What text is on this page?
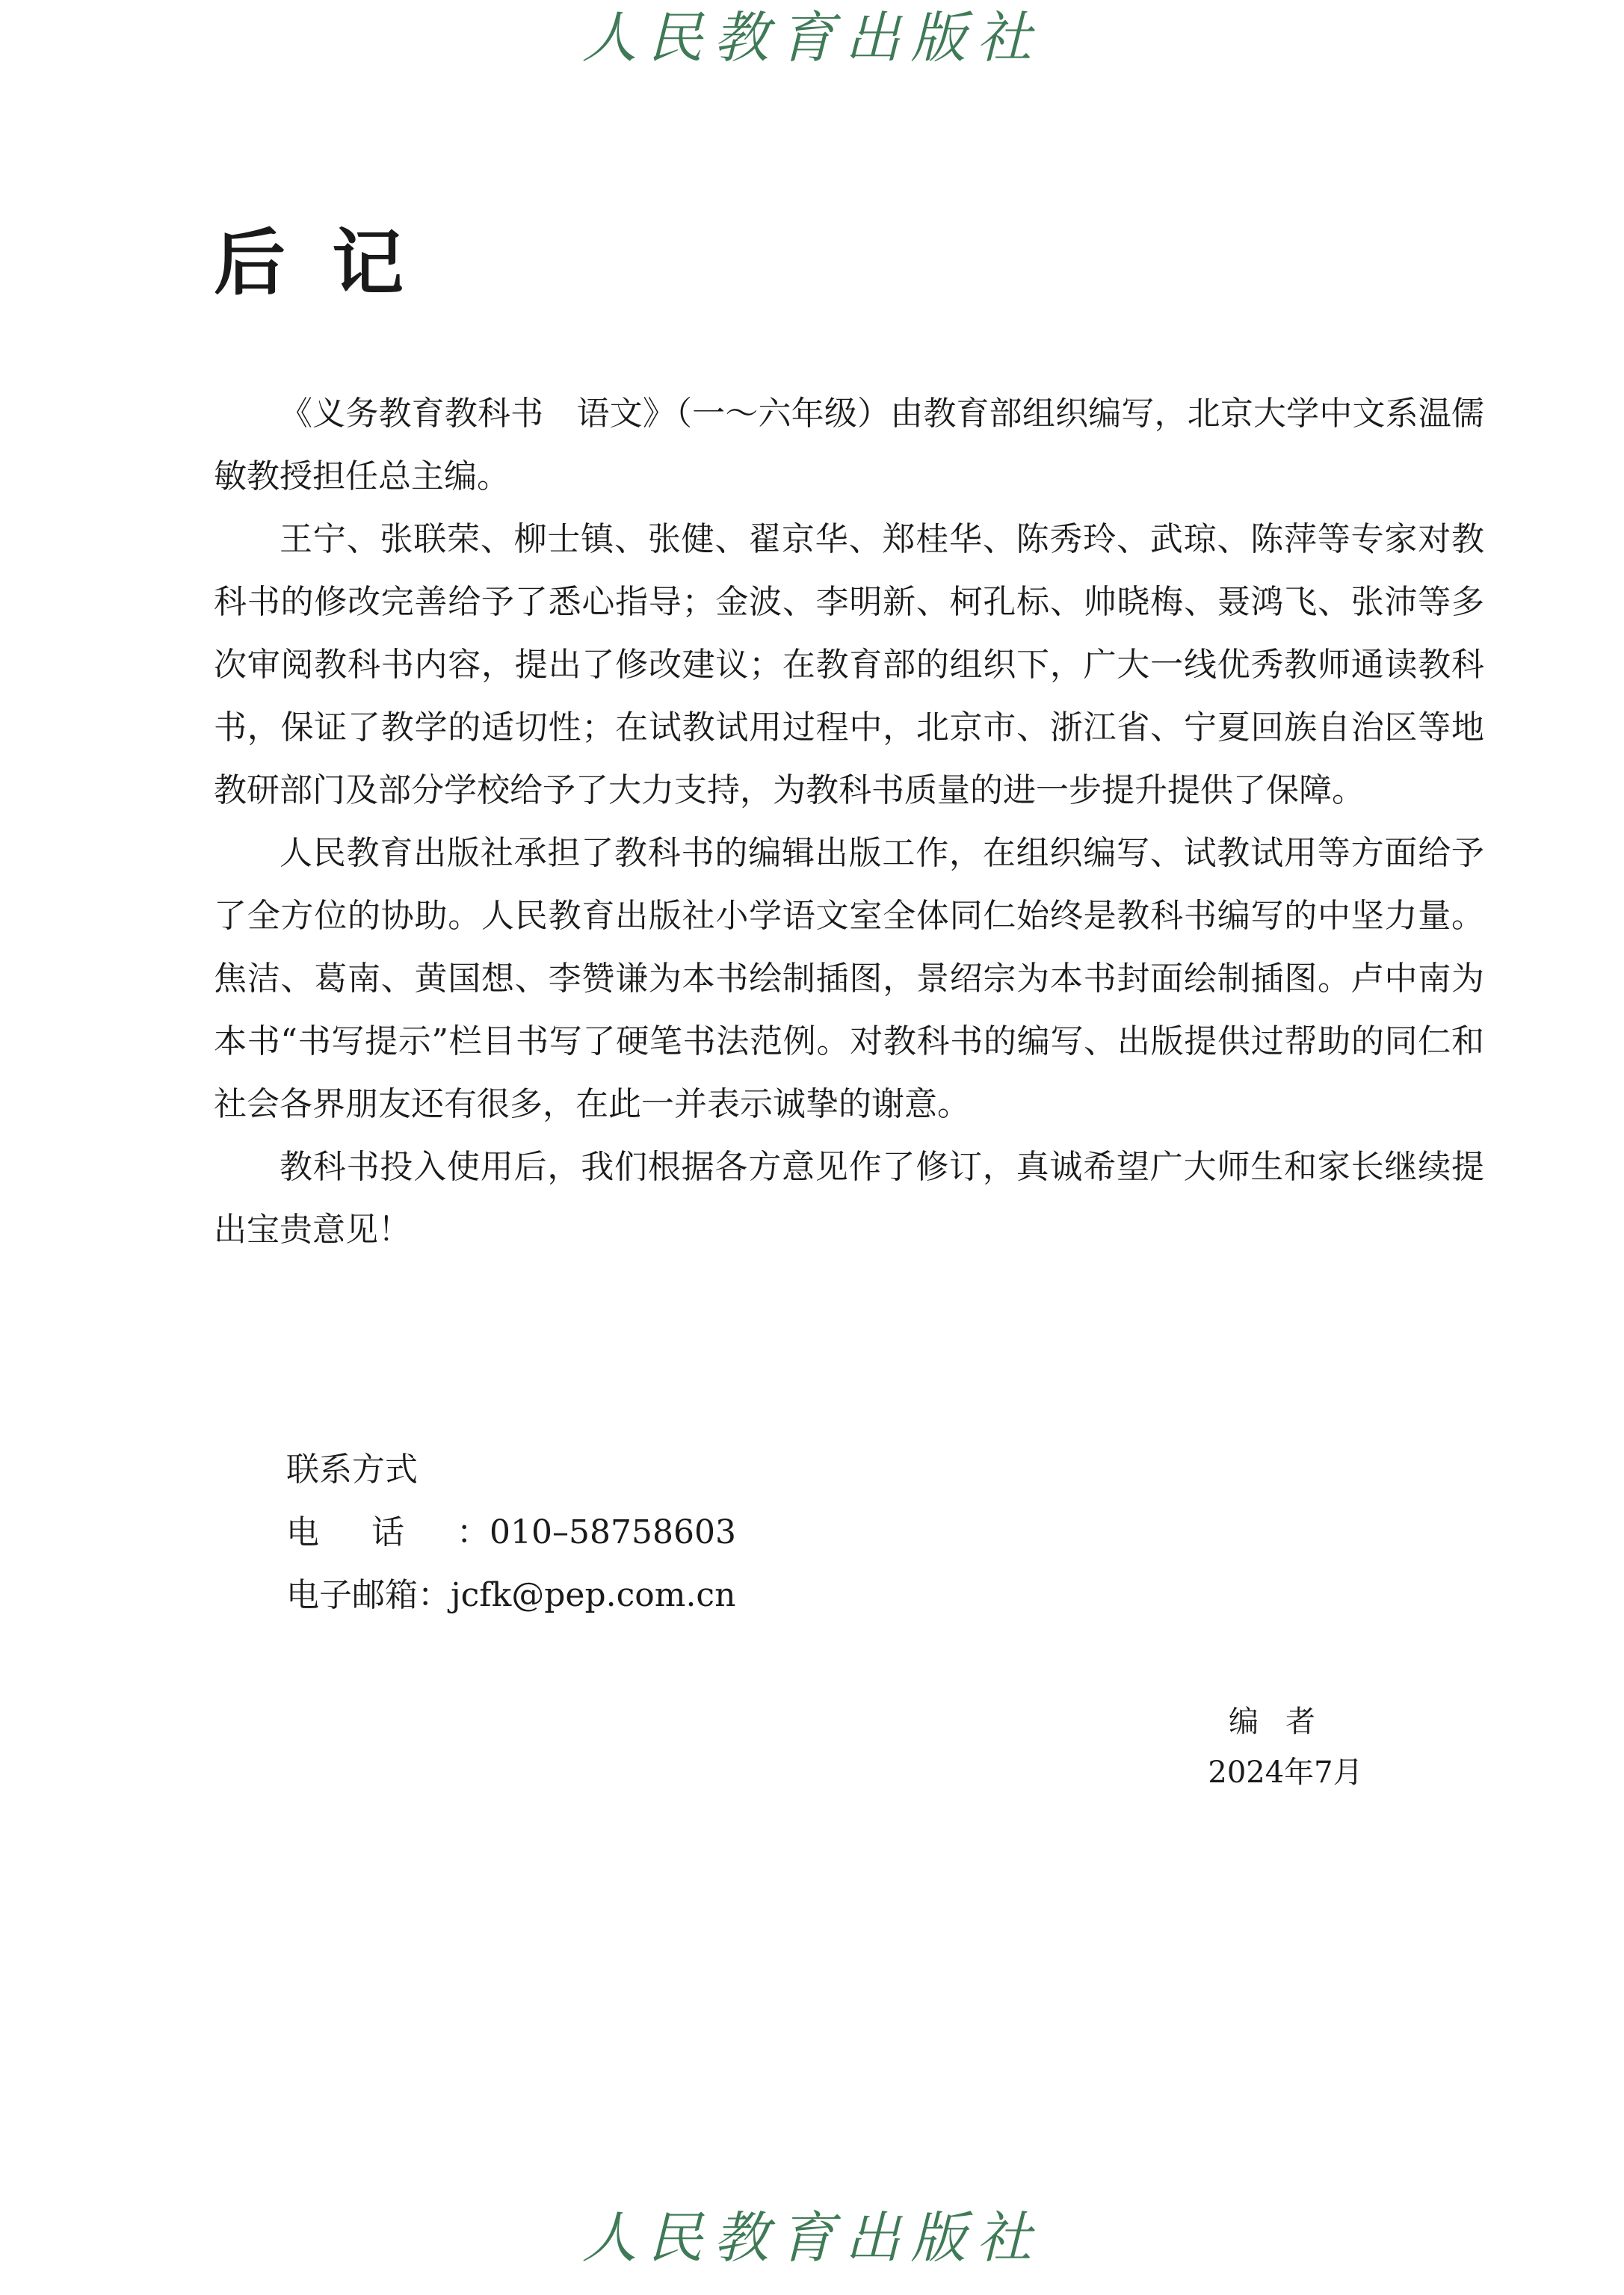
人民教育出版社
后记

《义务教育教科书　语文》（一～六年级）由教育部组织编写，北京大学中文系温儒敏教授担任总主编。

王宁、张联荣、柳士镇、张健、翟京华、郑桂华、陈秀玲、武琼、陈萍等专家对教科书的修改完善给予了悉心指导；金波、李明新、柯孔标、帅晓梅、聂鸿飞、张沛等多次审阅教科书内容，提出了修改建议；在教育部的组织下，广大一线优秀教师通读教科书，保证了教学的适切性；在试教试用过程中，北京市、浙江省、宁夏回族自治区等地教研部门及部分学校给予了大力支持，为教科书质量的进一步提升提供了保障。

人民教育出版社承担了教科书的编辑出版工作，在组织编写、试教试用等方面给予了全方位的协助。人民教育出版社小学语文室全体同仁始终是教科书编写的中坚力量。焦洁、葛南、黄国想、李赞谦为本书绘制插图，景绍宗为本书封面绘制插图。卢中南为本书“书写提示”栏目书写了硬笔书法范例。对教科书的编写、出版提供过帮助的同仁和社会各界朋友还有很多，在此一并表示诚挚的谢意。

教科书投入使用后，我们根据各方意见作了修订，真诚希望广大师生和家长继续提出宝贵意见！

联系方式
电话：010–58758603
电子邮箱：jcfk@pep.com.cn
编者
2024年7月
人民教育出版社
